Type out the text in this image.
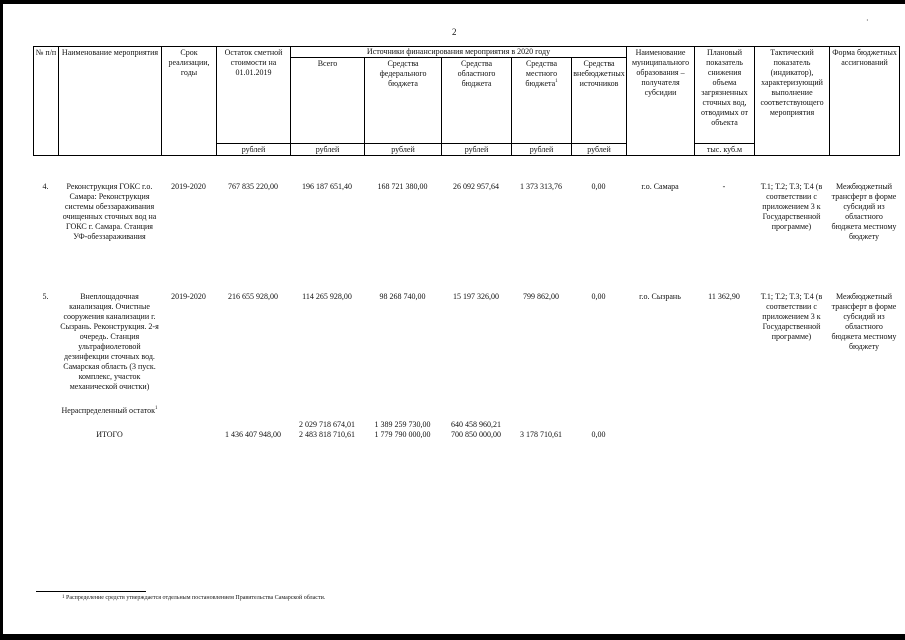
2
·
№ п/п	Наименование мероприятия	Срок реализации, годы	Остаток сметной стоимости на 01.01.2019	Источники финансирования мероприятия в 2020 году					Наименование муниципального образования – получателя субсидии	Плановый показатель снижения объема загрязненных сточных вод, отводимых от объекта	Тактический показатель (индикатор), характеризующий выполнение соответствующего мероприятия	Форма бюджетных ассигнований
				Всего	Средства федерального бюджета	Средства областного бюджета	Средства местного бюджета$^1$	Средства внебюджетных источников				
			рублей	рублей	рублей	рублей	рублей	рублей		тыс. куб.м		
4.	Реконструкция ГОКС г.о. Самара: Реконструкция системы обеззараживания очищенных сточных вод на ГОКС г. Самара. Станция УФ-обеззараживания	2019-2020	767 835 220,00	196 187 651,40	168 721 380,00	26 092 957,64	1 373 313,76	0,00	г.о. Самара	-	Т.1; Т.2; Т.3; Т.4 (в соответствии с приложением 3 к Государственной программе)	Межбюджетный трансферт в форме субсидий из областного бюджета местному бюджету
5.	Внеплощадочная канализация. Очистные сооружения канализации г. Сызрань. Реконструкция. 2-я очередь. Станция ультрафиолетовой дезинфекции сточных вод. Самарская область (3 пуск. комплекс, участок механической очистки)	2019-2020	216 655 928,00	114 265 928,00	98 268 740,00	15 197 326,00	799 862,00	0,00	г.о. Сызрань	11 362,90	Т.1; Т.2; Т.3; Т.4 (в соответствии с приложением 3 к Государственной программе)	Межбюджетный трансферт в форме субсидий из областного бюджета местному бюджету
	Нераспределенный остаток$^1$			2 029 718 674,01	1 389 259 730,00	640 458 960,21						
	ИТОГО		1 436 407 948,00	2 483 818 710,61	1 779 790 000,00	700 850 000,00	3 178 710,61	0,00				
$^1$ Распределение средств утверждается отдельным постановлением Правительства Самарской области.
